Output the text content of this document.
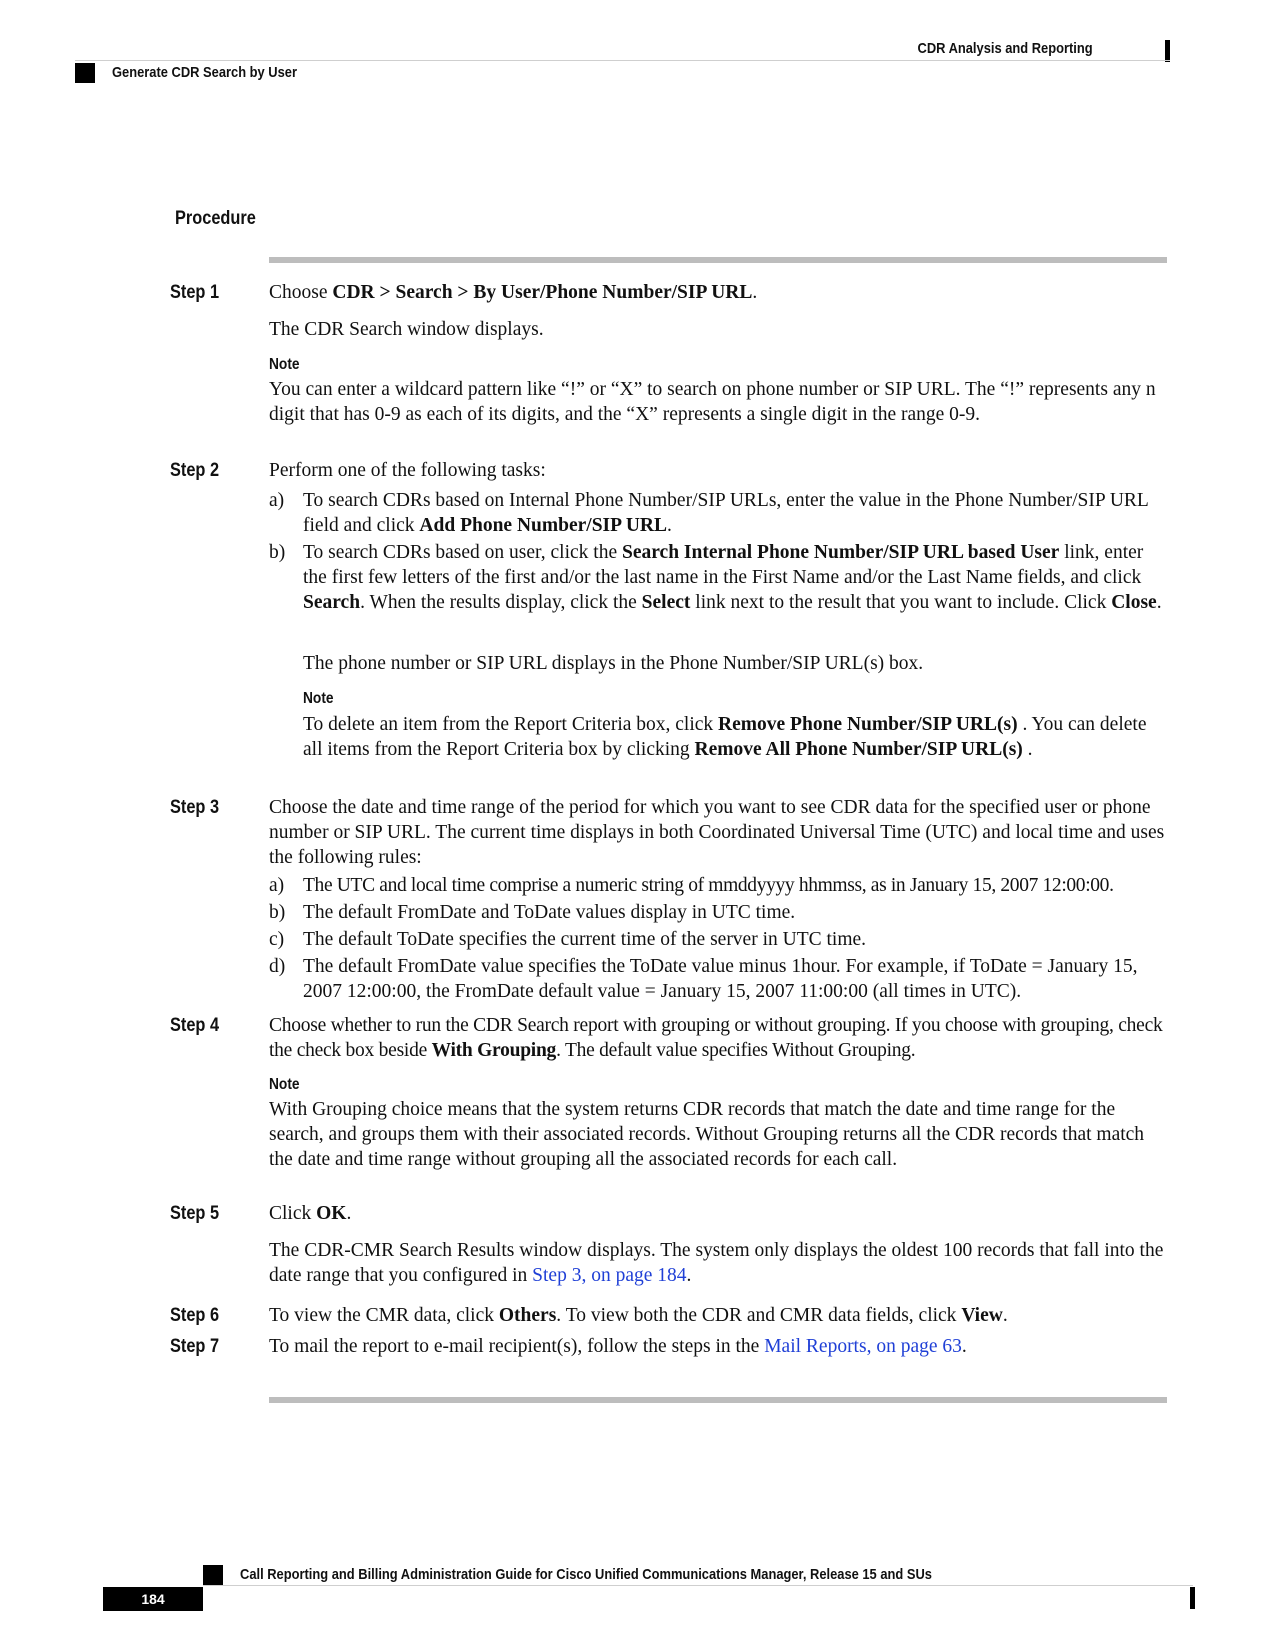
CDR Analysis and Reporting
Generate CDR Search by User
Procedure
Step 1	Choose CDR > Search > By User/Phone Number/SIP URL.
The CDR Search window displays.
Note
You can enter a wildcard pattern like “!” or “X” to search on phone number or SIP URL. The “!” represents any n digit that has 0-9 as each of its digits, and the “X” represents a single digit in the range 0-9.
Step 2	Perform one of the following tasks:
a) To search CDRs based on Internal Phone Number/SIP URLs, enter the value in the Phone Number/SIP URL field and click Add Phone Number/SIP URL.
b) To search CDRs based on user, click the Search Internal Phone Number/SIP URL based User link, enter the first few letters of the first and/or the last name in the First Name and/or the Last Name fields, and click Search. When the results display, click the Select link next to the result that you want to include. Click Close.
The phone number or SIP URL displays in the Phone Number/SIP URL(s) box.
Note
To delete an item from the Report Criteria box, click Remove Phone Number/SIP URL(s) . You can delete all items from the Report Criteria box by clicking Remove All Phone Number/SIP URL(s) .
Step 3	Choose the date and time range of the period for which you want to see CDR data for the specified user or phone number or SIP URL. The current time displays in both Coordinated Universal Time (UTC) and local time and uses the following rules:
a) The UTC and local time comprise a numeric string of mmddyyyy hhmmss, as in January 15, 2007 12:00:00.
b) The default FromDate and ToDate values display in UTC time.
c) The default ToDate specifies the current time of the server in UTC time.
d) The default FromDate value specifies the ToDate value minus 1hour. For example, if ToDate = January 15, 2007 12:00:00, the FromDate default value = January 15, 2007 11:00:00 (all times in UTC).
Step 4	Choose whether to run the CDR Search report with grouping or without grouping. If you choose with grouping, check the check box beside With Grouping. The default value specifies Without Grouping.
Note
With Grouping choice means that the system returns CDR records that match the date and time range for the search, and groups them with their associated records. Without Grouping returns all the CDR records that match the date and time range without grouping all the associated records for each call.
Step 5	Click OK.
The CDR-CMR Search Results window displays. The system only displays the oldest 100 records that fall into the date range that you configured in Step 3, on page 184.
Step 6	To view the CMR data, click Others. To view both the CDR and CMR data fields, click View.
Step 7	To mail the report to e-mail recipient(s), follow the steps in the Mail Reports, on page 63.
Call Reporting and Billing Administration Guide for Cisco Unified Communications Manager, Release 15 and SUs
184
